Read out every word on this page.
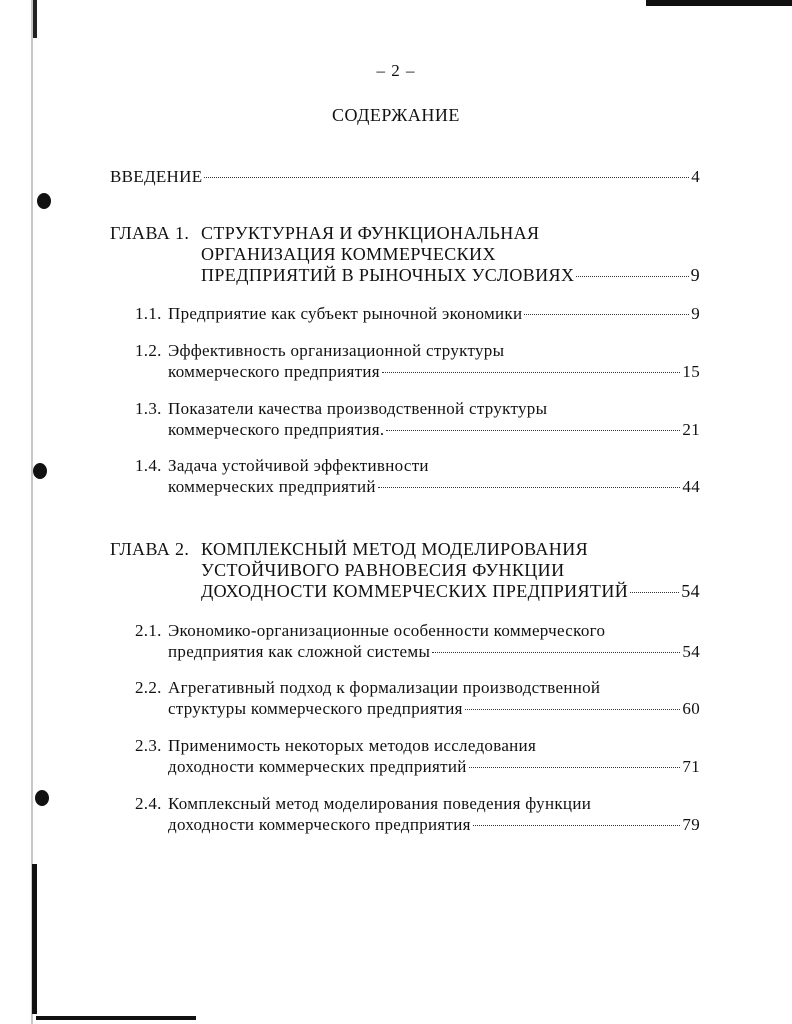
– 2 –
СОДЕРЖАНИЕ
ВВЕДЕНИЕ	4
ГЛАВА 1. СТРУКТУРНАЯ И ФУНКЦИОНАЛЬНАЯ
ОРГАНИЗАЦИЯ КОММЕРЧЕСКИХ
ПРЕДПРИЯТИЙ В РЫНОЧНЫХ УСЛОВИЯХ	9
1.1. Предприятие как субъект рыночной экономики	9
1.2. Эффективность организационной структуры
коммерческого предприятия	15
1.3. Показатели качества производственной структуры
коммерческого предприятия.	21
1.4. Задача устойчивой эффективности
коммерческих предприятий	44
ГЛАВА 2. КОМПЛЕКСНЫЙ МЕТОД МОДЕЛИРОВАНИЯ
УСТОЙЧИВОГО РАВНОВЕСИЯ ФУНКЦИИ
ДОХОДНОСТИ КОММЕРЧЕСКИХ ПРЕДПРИЯТИЙ	54
2.1. Экономико-организационные особенности коммерческого
предприятия как сложной системы	54
2.2. Агрегативный подход к формализации производственной
структуры коммерческого предприятия	60
2.3. Применимость некоторых методов исследования
доходности коммерческих предприятий	71
2.4. Комплексный метод моделирования поведения функции
доходности коммерческого предприятия	79
